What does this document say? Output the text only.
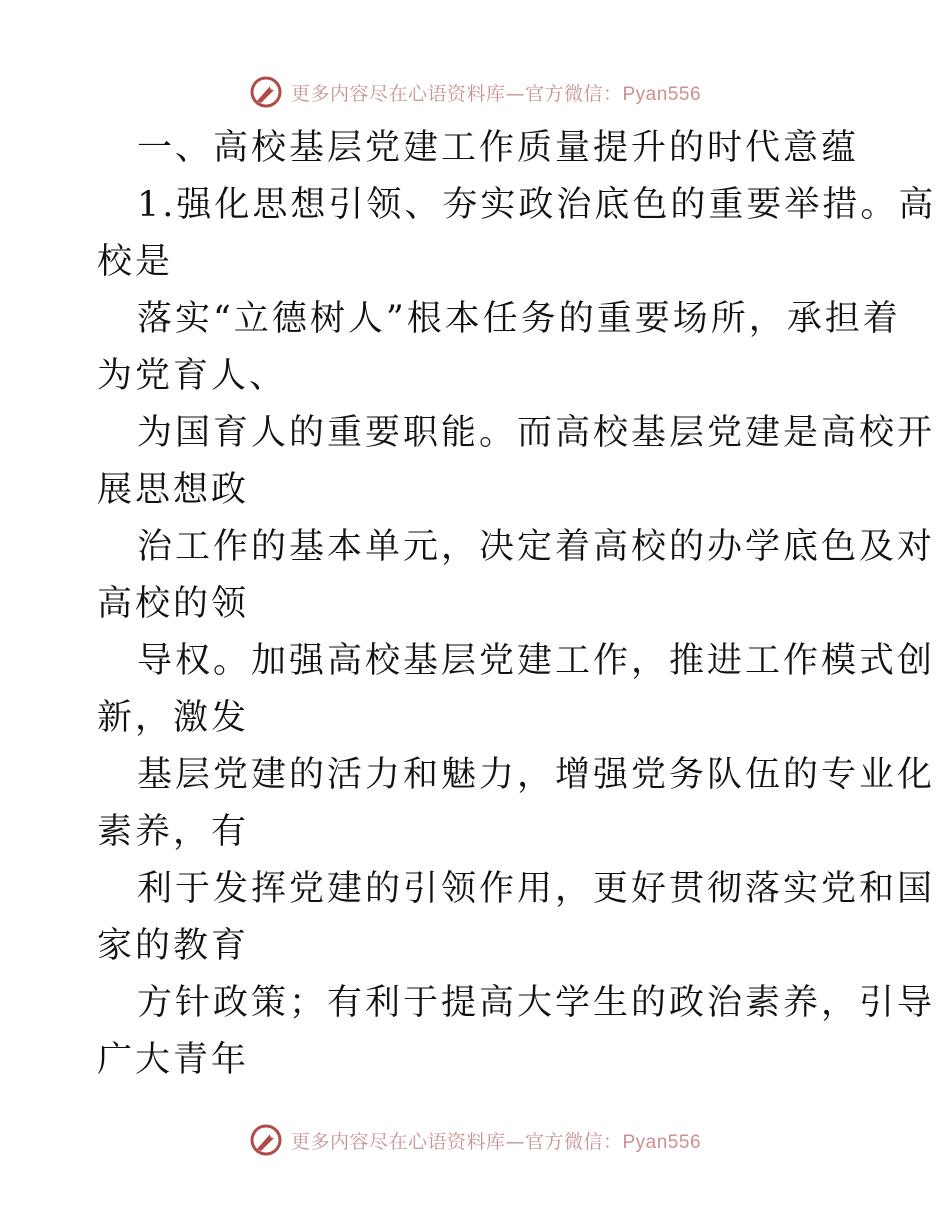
更多内容尽在心语资料库—官方微信：Pyan556
一、高校基层党建工作质量提升的时代意蕴
1.强化思想引领、夯实政治底色的重要举措。高
校是
落实“立德树人”根本任务的重要场所，承担着
为党育人、
为国育人的重要职能。而高校基层党建是高校开
展思想政
治工作的基本单元，决定着高校的办学底色及对
高校的领
导权。加强高校基层党建工作，推进工作模式创
新，激发
基层党建的活力和魅力，增强党务队伍的专业化
素养，有
利于发挥党建的引领作用，更好贯彻落实党和国
家的教育
方针政策；有利于提高大学生的政治素养，引导
广大青年
更多内容尽在心语资料库—官方微信：Pyan556
